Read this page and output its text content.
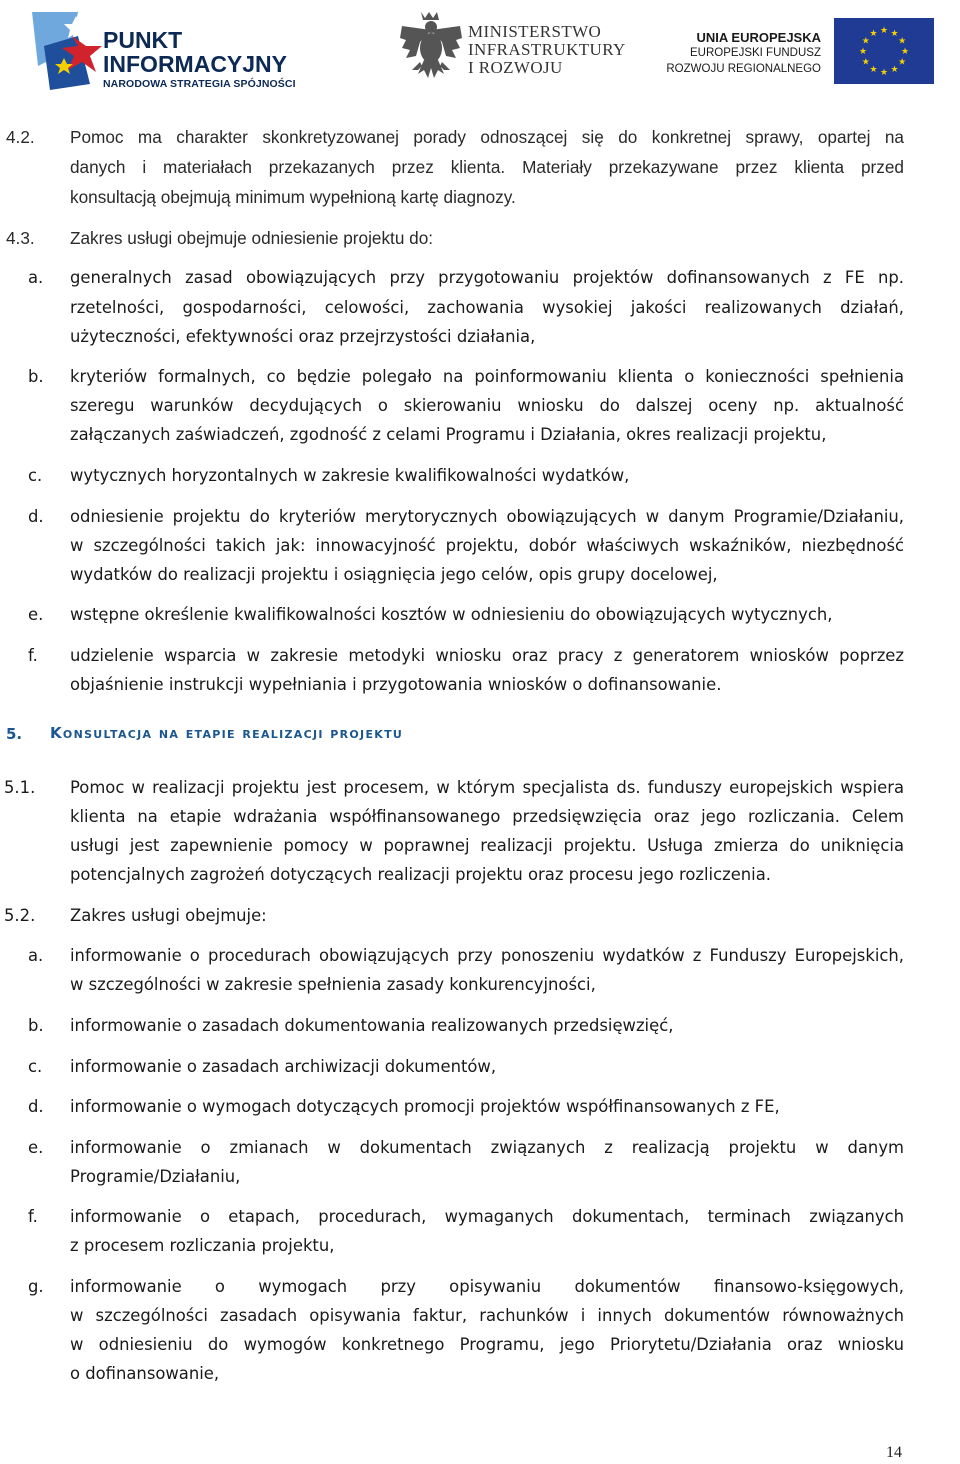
PUNKT
INFORMACYJNY
NARODOWA STRATEGIA SPÓJNOŚCI
MINISTERSTWO
INFRASTRUKTURY
I ROZWOJU
UNIA EUROPEJSKA
EUROPEJSKI FUNDUSZ
ROZWOJU REGIONALNEGO
★ ★
★
★
★
★
★
★
★
★
★
★
4.2. Pomoc ma charakter skonkretyzowanej porady odnoszącej się do konkretnej sprawy, opartej na
danych i materiałach przekazanych przez klienta. Materiały przekazywane przez klienta przed
konsultacją obejmują minimum wypełnioną kartę diagnozy.
4.3. Zakres usługi obejmuje odniesienie projektu do:
a. generalnych zasad obowiązujących przy przygotowaniu projektów dofinansowanych z FE np.
rzetelności, gospodarności, celowości, zachowania wysokiej jakości realizowanych działań,
użyteczności, efektywności oraz przejrzystości działania,
b. kryteriów formalnych, co będzie polegało na poinformowaniu klienta o konieczności spełnienia
szeregu warunków decydujących o skierowaniu wniosku do dalszej oceny np. aktualność
załączanych zaświadczeń, zgodność z celami Programu i Działania, okres realizacji projektu,
c. wytycznych horyzontalnych w zakresie kwalifikowalności wydatków,
d. odniesienie projektu do kryteriów merytorycznych obowiązujących w danym Programie/Działaniu,
w szczególności takich jak: innowacyjność projektu, dobór właściwych wskaźników, niezbędność
wydatków do realizacji projektu i osiągnięcia jego celów, opis grupy docelowej,
e. wstępne określenie kwalifikowalności kosztów w odniesieniu do obowiązujących wytycznych,
f. udzielenie wsparcia w zakresie metodyki wniosku oraz pracy z generatorem wniosków poprzez
objaśnienie instrukcji wypełniania i przygotowania wniosków o dofinansowanie.
5. Konsultacja na etapie realizacji projektu
5.1. Pomoc w realizacji projektu jest procesem, w którym specjalista ds. funduszy europejskich wspiera
klienta na etapie wdrażania współfinansowanego przedsięwzięcia oraz jego rozliczania. Celem
usługi jest zapewnienie pomocy w poprawnej realizacji projektu. Usługa zmierza do uniknięcia
potencjalnych zagrożeń dotyczących realizacji projektu oraz procesu jego rozliczenia.
5.2. Zakres usługi obejmuje:
a. informowanie o procedurach obowiązujących przy ponoszeniu wydatków z Funduszy Europejskich,
w szczególności w zakresie spełnienia zasady konkurencyjności,
b. informowanie o zasadach dokumentowania realizowanych przedsięwzięć,
c. informowanie o zasadach archiwizacji dokumentów,
d. informowanie o wymogach dotyczących promocji projektów współfinansowanych z FE,
e. informowanie o zmianach w dokumentach związanych z realizacją projektu w danym
Programie/Działaniu,
f. informowanie o etapach, procedurach, wymaganych dokumentach, terminach związanych
z procesem rozliczania projektu,
g. informowanie o wymogach przy opisywaniu dokumentów finansowo-księgowych,
w szczególności zasadach opisywania faktur, rachunków i innych dokumentów równoważnych
w odniesieniu do wymogów konkretnego Programu, jego Priorytetu/Działania oraz wniosku
o dofinansowanie,
14
